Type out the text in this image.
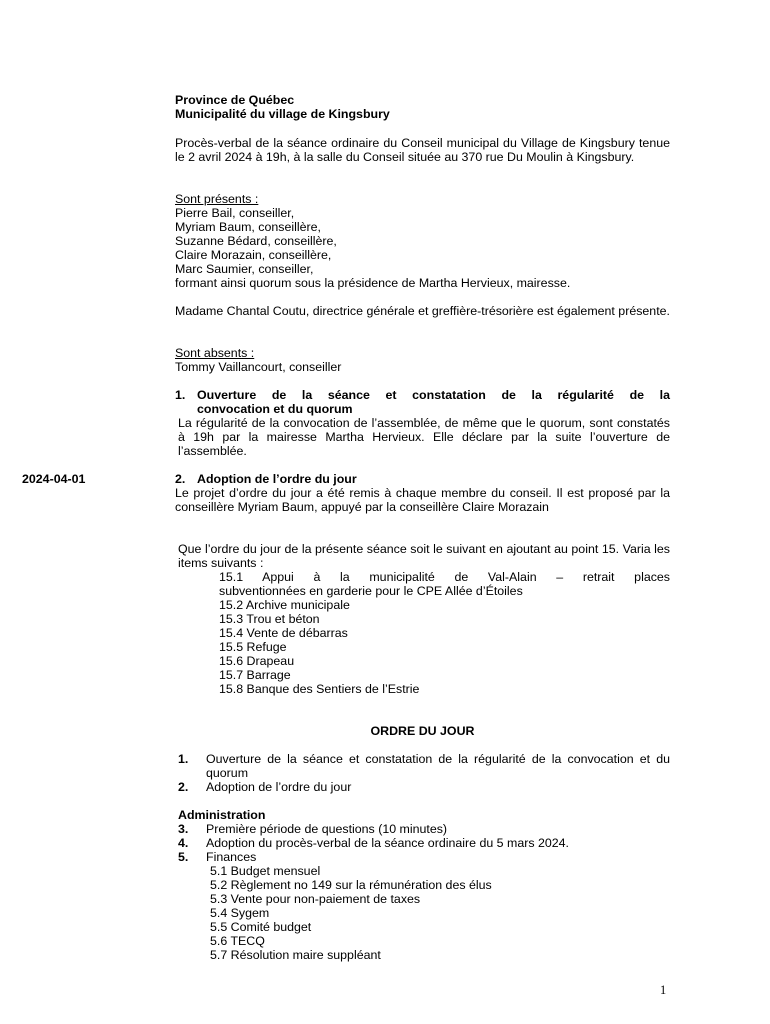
Province de Québec
Municipalité du village de Kingsbury
Procès-verbal de la séance ordinaire du Conseil municipal du Village de Kingsbury tenue le 2 avril 2024 à 19h, à la salle du Conseil située au 370 rue Du Moulin à Kingsbury.
Sont présents :
Pierre Bail, conseiller,
Myriam Baum, conseillère,
Suzanne Bédard, conseillère,
Claire Morazain, conseillère,
Marc Saumier, conseiller,
formant ainsi quorum sous la présidence de Martha Hervieux, mairesse.
Madame Chantal Coutu, directrice générale et greffière-trésorière est également présente.
Sont absents :
Tommy Vaillancourt, conseiller
1. Ouverture de la séance et constatation de la régularité de la
convocation et du quorum
La régularité de la convocation de l’assemblée, de même que le quorum, sont constatés à 19h par la mairesse Martha Hervieux. Elle déclare par la suite l’ouverture de l’assemblée.
2024-04-01	2. Adoption de l’ordre du jour
Le projet d’ordre du jour a été remis à chaque membre du conseil. Il est proposé par la conseillère Myriam Baum, appuyé par la conseillère Claire Morazain
Que l’ordre du jour de la présente séance soit le suivant en ajoutant au point 15. Varia les items suivants :
15.1 Appui à la municipalité de Val-Alain – retrait places
subventionnées en garderie pour le CPE Allée d’Étoiles
15.2 Archive municipale
15.3 Trou et béton
15.4 Vente de débarras
15.5 Refuge
15.6 Drapeau
15.7 Barrage
15.8 Banque des Sentiers de l’Estrie
ORDRE DU JOUR
1.	Ouverture de la séance et constatation de la régularité de la convocation et du quorum
2.	Adoption de l’ordre du jour
Administration
3.	Première période de questions (10 minutes)
4.	Adoption du procès-verbal de la séance ordinaire du 5 mars 2024.
5.	Finances
5.1 Budget mensuel
5.2 Règlement no 149 sur la rémunération des élus
5.3 Vente pour non-paiement de taxes
5.4 Sygem
5.5 Comité budget
5.6 TECQ
5.7 Résolution maire suppléant
1
